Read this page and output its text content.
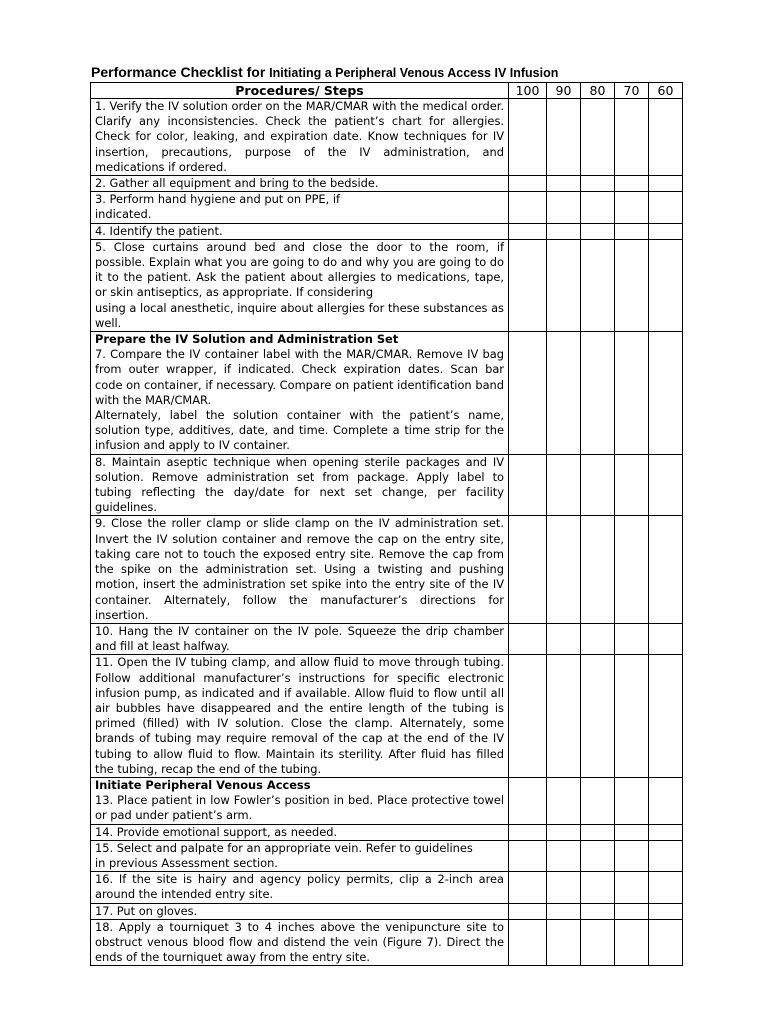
Performance Checklist for Initiating a Peripheral Venous Access IV Infusion
Procedures/ Steps	100	90	80	70	60

1. Verify the IV solution order on the MAR/CMAR with the medical order. Clarify any inconsistencies. Check the patient’s chart for allergies. Check for color, leaking, and expiration date. Know techniques for IV insertion, precautions, purpose of the IV administration, and medications if ordered.					

2. Gather all equipment and bring to the bedside.					

3. Perform hand hygiene and put on PPE, if
indicated.					

4. Identify the patient.					

5. Close curtains around bed and close the door to the room, if possible. Explain what you are going to do and why you are going to do it to the patient. Ask the patient about allergies to medications, tape, or skin antiseptics, as appropriate. If considering
using a local anesthetic, inquire about allergies for these substances as well.					

Prepare the IV Solution and Administration Set
7. Compare the IV container label with the MAR/CMAR. Remove IV bag from outer wrapper, if indicated. Check expiration dates. Scan bar code on container, if necessary. Compare on patient identification band with the MAR/CMAR.
Alternately, label the solution container with the patient’s name, solution type, additives, date, and time. Complete a time strip for the infusion and apply to IV container.					

8. Maintain aseptic technique when opening sterile packages and IV solution. Remove administration set from package. Apply label to tubing reflecting the day/date for next set change, per facility guidelines.					

9. Close the roller clamp or slide clamp on the IV administration set. Invert the IV solution container and remove the cap on the entry site, taking care not to touch the exposed entry site. Remove the cap from the spike on the administration set. Using a twisting and pushing motion, insert the administration set spike into the entry site of the IV container. Alternately, follow the manufacturer’s directions for insertion.					

10. Hang the IV container on the IV pole. Squeeze the drip chamber and fill at least halfway.					

11. Open the IV tubing clamp, and allow fluid to move through tubing. Follow additional manufacturer’s instructions for specific electronic infusion pump, as indicated and if available. Allow fluid to flow until all air bubbles have disappeared and the entire length of the tubing is primed (filled) with IV solution. Close the clamp. Alternately, some brands of tubing may require removal of the cap at the end of the IV tubing to allow fluid to flow. Maintain its sterility. After fluid has filled the tubing, recap the end of the tubing.					

Initiate Peripheral Venous Access
13. Place patient in low Fowler’s position in bed. Place protective towel or pad under patient’s arm.					

14. Provide emotional support, as needed.					

15. Select and palpate for an appropriate vein. Refer to guidelines
in previous Assessment section.					

16. If the site is hairy and agency policy permits, clip a 2-inch area around the intended entry site.					

17. Put on gloves.					

18. Apply a tourniquet 3 to 4 inches above the venipuncture site to obstruct venous blood flow and distend the vein (Figure 7). Direct the ends of the tourniquet away from the entry site.					
